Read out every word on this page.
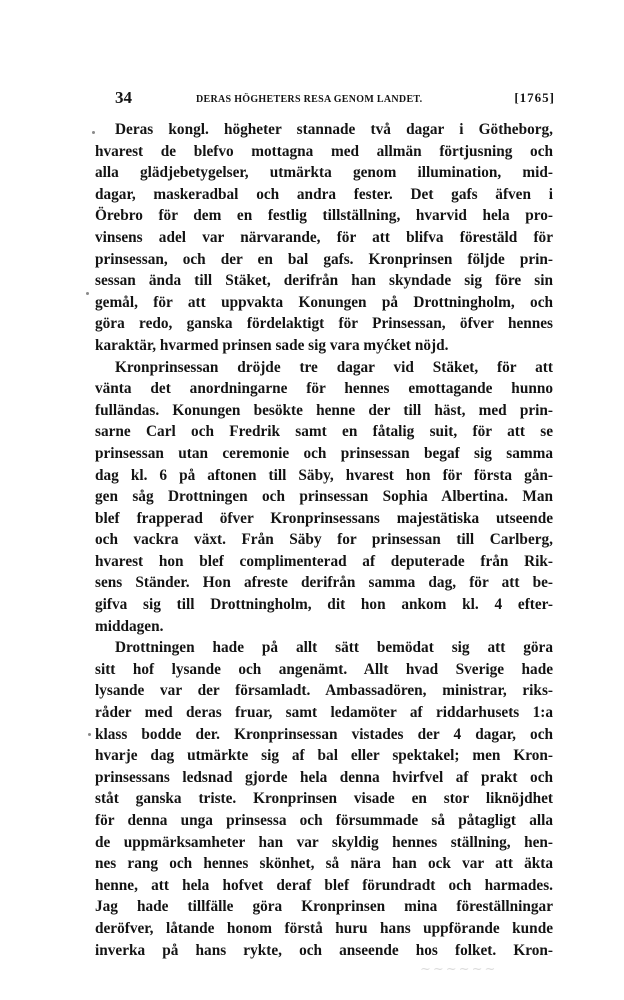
34	DERAS HÖGHETERS RESA GENOM LANDET.	[1765]
Deras kongl. högheter stannade två dagar i Götheborg,
hvarest de blefvo mottagna med allmän förtjusning och
alla glädjebetygelser, utmärkta genom illumination, mid-
dagar, maskeradbal och andra fester. Det gafs äfven i
Örebro för dem en festlig tillställning, hvarvid hela pro-
vinsens adel var närvarande, för att blifva förestäld för
prinsessan, och der en bal gafs. Kronprinsen följde prin-
sessan ända till Stäket, derifrån han skyndade sig före sin
gemål, för att uppvakta Konungen på Drottningholm, och
göra redo, ganska fördelaktigt för Prinsessan, öfver hennes
karaktär, hvarmed prinsen sade sig vara myćket nöjd.
Kronprinsessan dröjde tre dagar vid Stäket, för att
vänta det anordningarne för hennes emottagande hunno
fulländas. Konungen besökte henne der till häst, med prin-
sarne Carl och Fredrik samt en fåtalig suit, för att se
prinsessan utan ceremonie och prinsessan begaf sig samma
dag kl. 6 på aftonen till Säby, hvarest hon för första gån-
gen såg Drottningen och prinsessan Sophia Albertina. Man
blef frapperad öfver Kronprinsessans majestätiska utseende
och vackra växt. Från Säby for prinsessan till Carlberg,
hvarest hon blef complimenterad af deputerade från Rik-
sens Ständer. Hon afreste derifrån samma dag, för att be-
gifva sig till Drottningholm, dit hon ankom kl. 4 efter-
middagen.
Drottningen hade på allt sätt bemödat sig att göra
sitt hof lysande och angenämt. Allt hvad Sverige hade
lysande var der församladt. Ambassadören, ministrar, riks-
råder med deras fruar, samt ledamöter af riddarhusets 1:a
klass bodde der. Kronprinsessan vistades der 4 dagar, och
hvarje dag utmärkte sig af bal eller spektakel; men Kron-
prinsessans ledsnad gjorde hela denna hvirfvel af prakt och
ståt ganska triste. Kronprinsen visade en stor liknöjdhet
för denna unga prinsessa och försummade så påtagligt alla
de uppmärksamheter han var skyldig hennes ställning, hen-
nes rang och hennes skönhet, så nära han ock var att äkta
henne, att hela hofvet deraf blef förundradt och harmades.
Jag hade tillfälle göra Kronprinsen mina föreställningar
deröfver, låtande honom förstå huru hans uppförande kunde
inverka på hans rykte, och anseende hos folket. Kron-
~~~~~~
